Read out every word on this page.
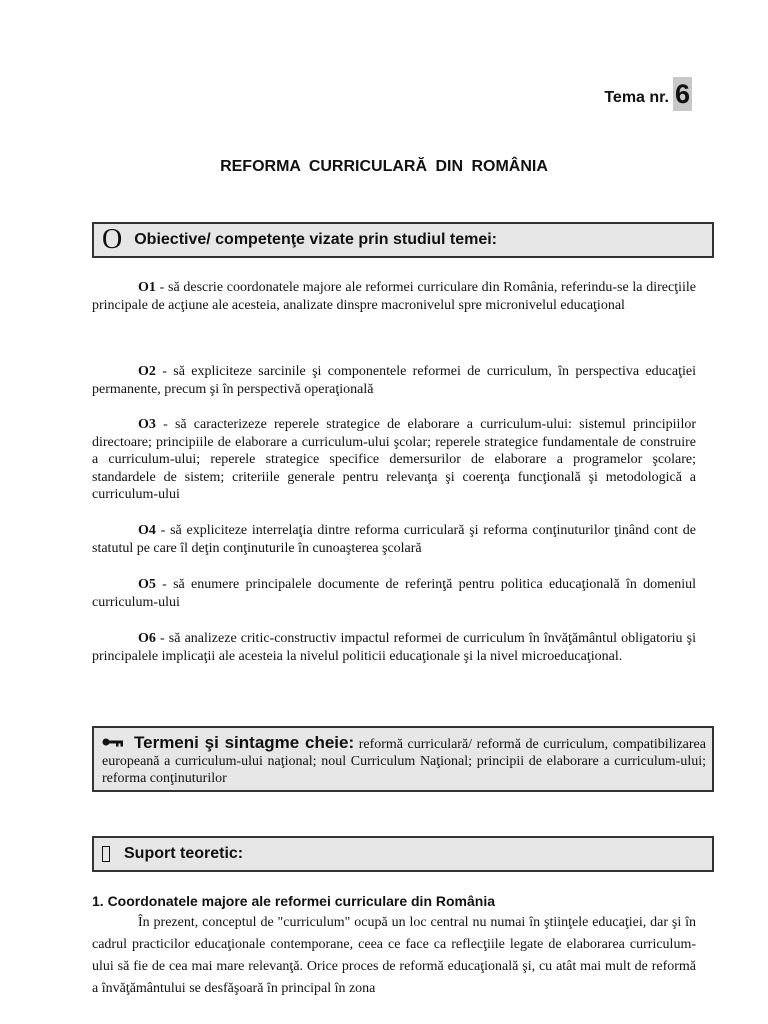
Tema nr. 6
REFORMA CURRICULARĂ DIN ROMÂNIA
O Obiective/ competenţe vizate prin studiul temei:
O1 - să descrie coordonatele majore ale reformei curriculare din România, referindu-se la direcţiile principale de acţiune ale acesteia, analizate dinspre macronivelul spre micronivelul educaţional
O2 - să expliciteze sarcinile şi componentele reformei de curriculum, în perspectiva educaţiei permanente, precum şi în perspectivă operaţională
O3 - să caracterizeze reperele strategice de elaborare a curriculum-ului: sistemul principiilor directoare; principiile de elaborare a curriculum-ului şcolar; reperele strategice fundamentale de construire a curriculum-ului; reperele strategice specifice demersurilor de elaborare a programelor şcolare; standardele de sistem; criteriile generale pentru relevanţa şi coerenţa funcţională şi metodologică a curriculum-ului
O4 - să expliciteze interrelaţia dintre reforma curriculară şi reforma conţinuturilor ţinând cont de statutul pe care îl deţin conţinuturile în cunoaşterea şcolară
O5 - să enumere principalele documente de referinţă pentru politica educaţională în domeniul curriculum-ului
O6 - să analizeze critic-constructiv impactul reformei de curriculum în învăţământul obligatoriu şi principalele implicaţii ale acesteia la nivelul politicii educaţionale şi la nivel microeducaţional.
Termeni şi sintagme cheie: reformă curriculară/ reformă de curriculum, compatibilizarea europeană a curriculum-ului naţional; noul Curriculum Naţional; principii de elaborare a curriculum-ului; reforma conţinuturilor
Suport teoretic:
1. Coordonatele majore ale reformei curriculare din România
În prezent, conceptul de "curriculum" ocupă un loc central nu numai în ştiinţele educaţiei, dar şi în cadrul practicilor educaţionale contemporane, ceea ce face ca reflecţiile legate de elaborarea curriculum-ului să fie de cea mai mare relevanţă. Orice proces de reformă educaţională şi, cu atât mai mult de reformă a învăţământului se desfăşoară în principal în zona
